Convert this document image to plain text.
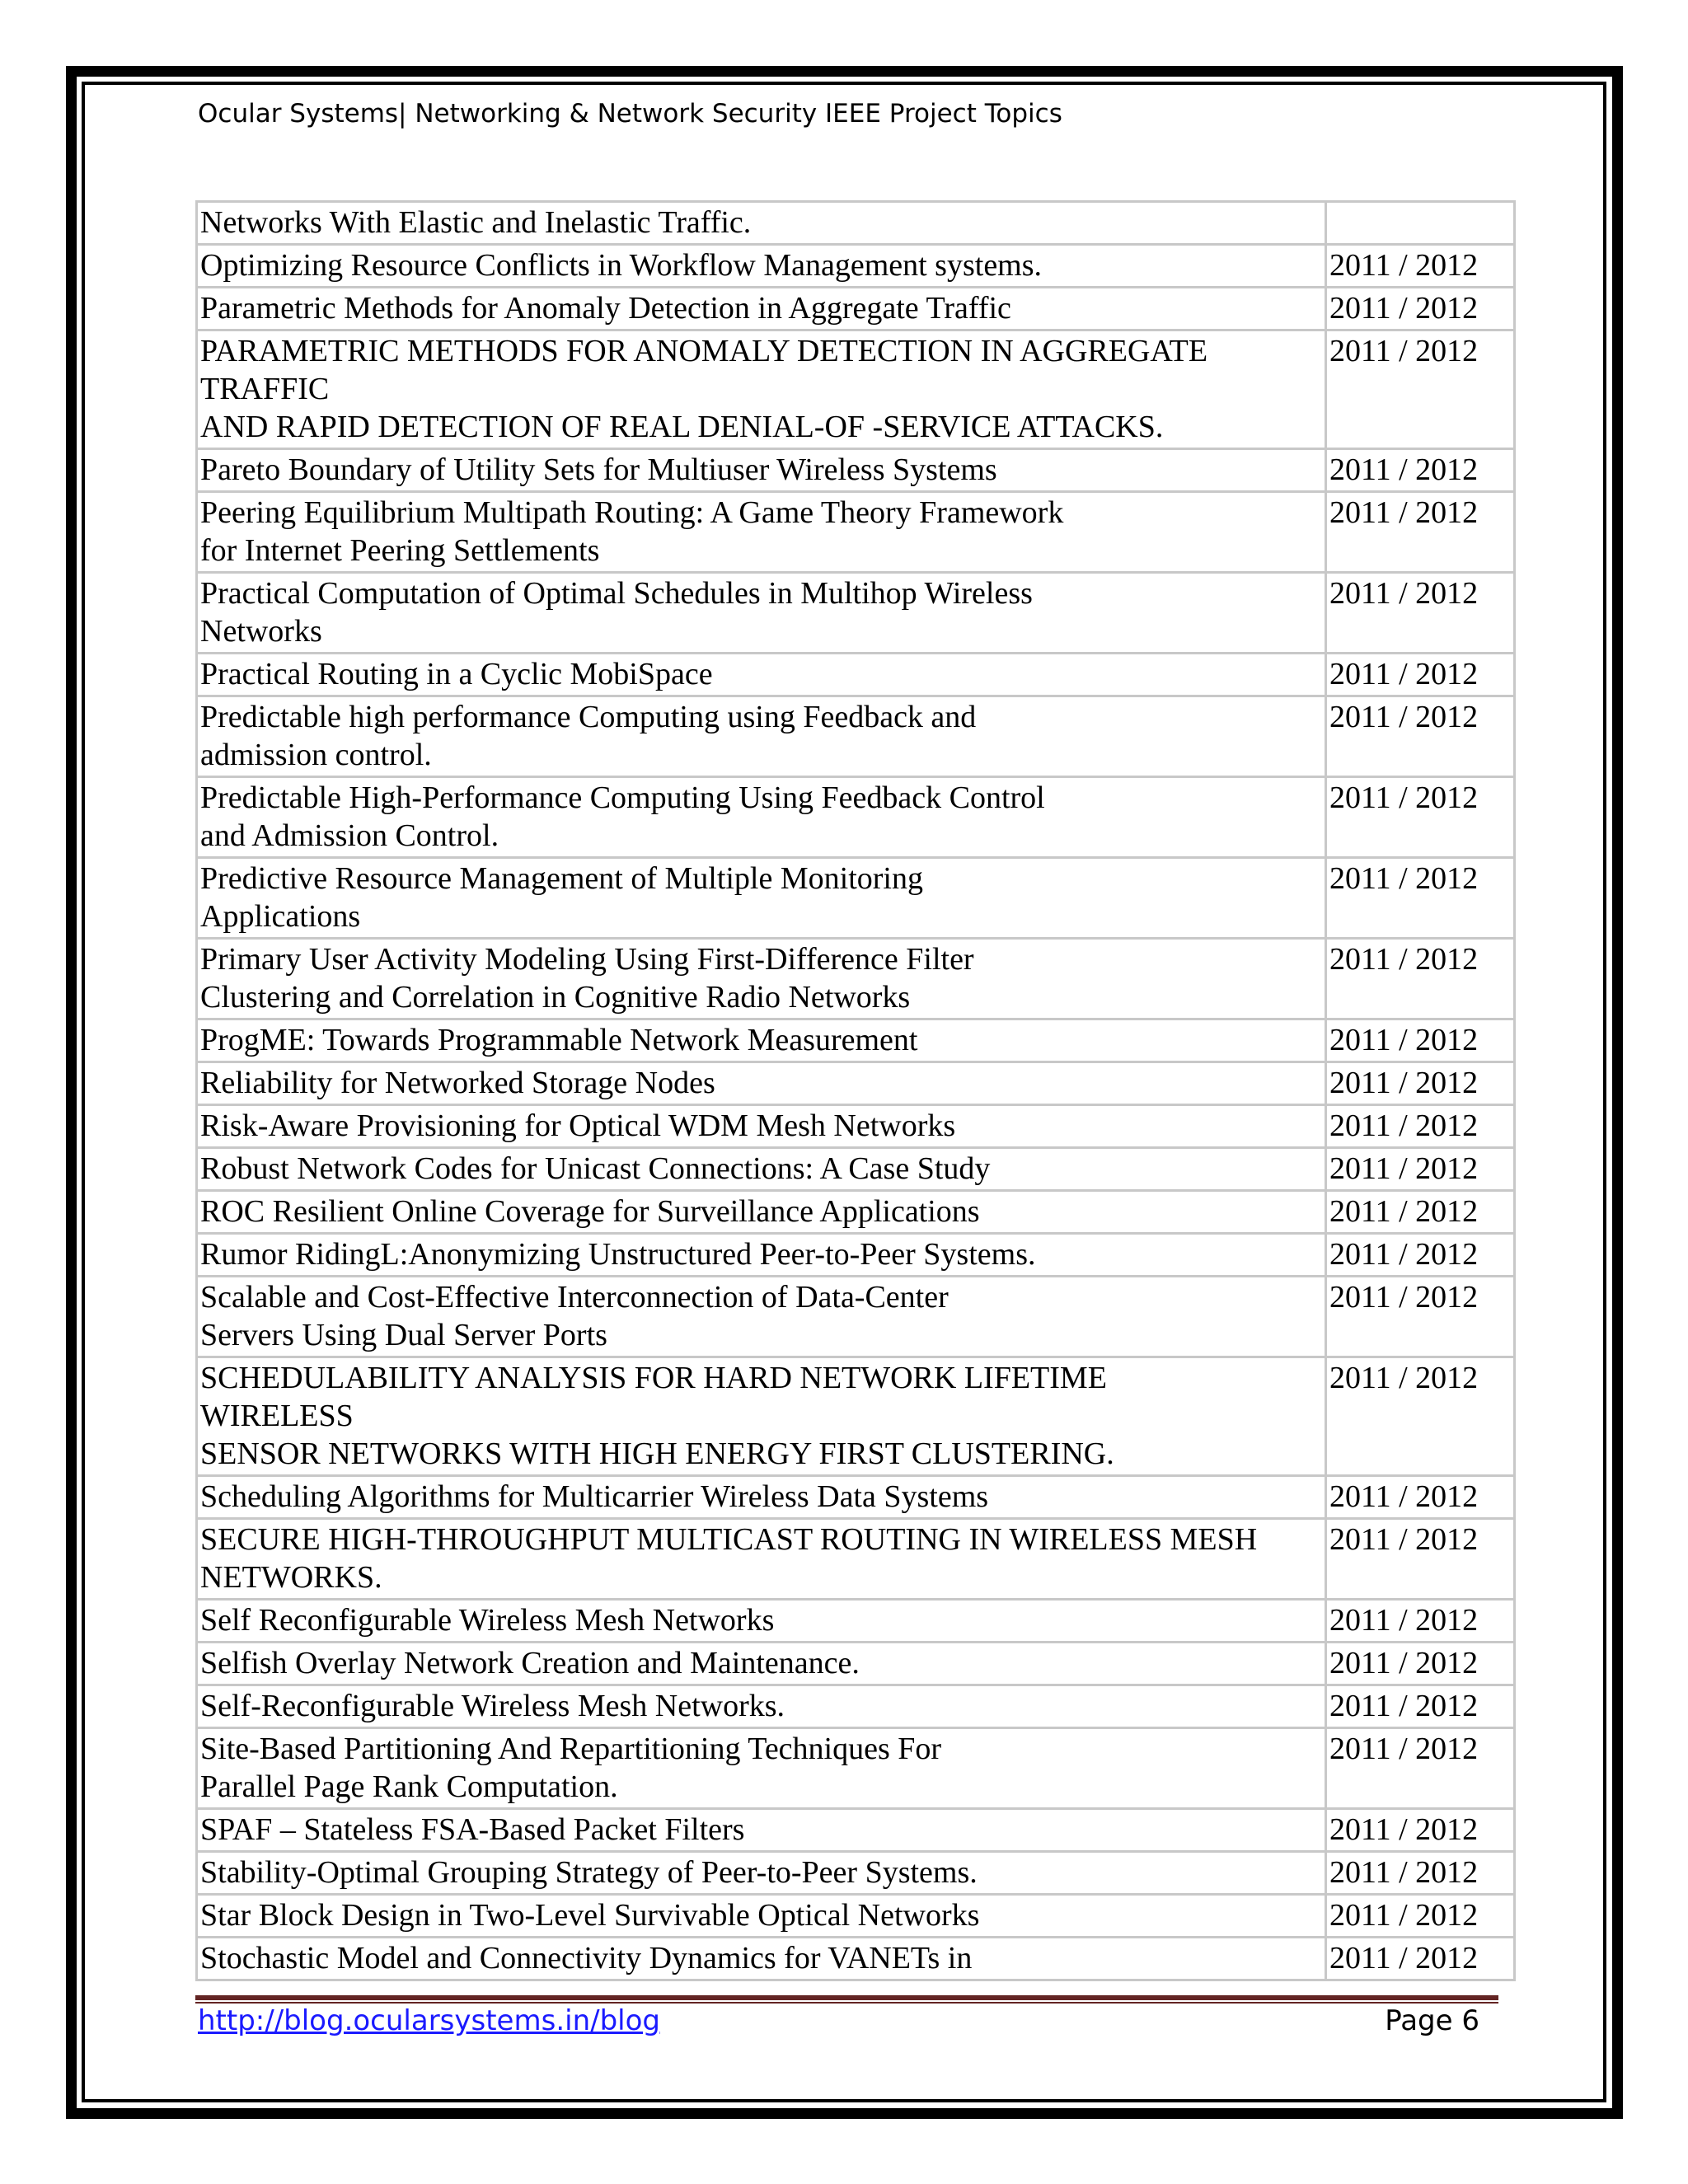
Ocular Systems| Networking & Network Security IEEE Project Topics
Networks With Elastic and Inelastic Traffic.	
Optimizing Resource Conflicts in Workflow Management systems.	2011 / 2012
Parametric Methods for Anomaly Detection in Aggregate Traffic	2011 / 2012
PARAMETRIC METHODS FOR ANOMALY DETECTION IN AGGREGATE
TRAFFIC
AND RAPID DETECTION OF REAL DENIAL-OF -SERVICE ATTACKS.	2011 / 2012
Pareto Boundary of Utility Sets for Multiuser Wireless Systems	2011 / 2012
Peering Equilibrium Multipath Routing: A Game Theory Framework
for Internet Peering Settlements	2011 / 2012
Practical Computation of Optimal Schedules in Multihop Wireless
Networks	2011 / 2012
Practical Routing in a Cyclic MobiSpace	2011 / 2012
Predictable high performance Computing using Feedback and
admission control.	2011 / 2012
Predictable High-Performance Computing Using Feedback Control
and Admission Control.	2011 / 2012
Predictive Resource Management of Multiple Monitoring
Applications	2011 / 2012
Primary User Activity Modeling Using First-Difference Filter
Clustering and Correlation in Cognitive Radio Networks	2011 / 2012
ProgME: Towards Programmable Network Measurement	2011 / 2012
Reliability for Networked Storage Nodes	2011 / 2012
Risk-Aware Provisioning for Optical WDM Mesh Networks	2011 / 2012
Robust Network Codes for Unicast Connections: A Case Study	2011 / 2012
ROC Resilient Online Coverage for Surveillance Applications	2011 / 2012
Rumor RidingL:Anonymizing Unstructured Peer-to-Peer Systems.	2011 / 2012
Scalable and Cost-Effective Interconnection of Data-Center
Servers Using Dual Server Ports	2011 / 2012
SCHEDULABILITY ANALYSIS FOR HARD NETWORK LIFETIME
WIRELESS
SENSOR NETWORKS WITH HIGH ENERGY FIRST CLUSTERING.	2011 / 2012
Scheduling Algorithms for Multicarrier Wireless Data Systems	2011 / 2012
SECURE HIGH-THROUGHPUT MULTICAST ROUTING IN WIRELESS MESH
NETWORKS.	2011 / 2012
Self Reconfigurable Wireless Mesh Networks	2011 / 2012
Selfish Overlay Network Creation and Maintenance.	2011 / 2012
Self-Reconfigurable Wireless Mesh Networks.	2011 / 2012
Site-Based Partitioning And Repartitioning Techniques For
Parallel Page Rank Computation.	2011 / 2012
SPAF – Stateless FSA-Based Packet Filters	2011 / 2012
Stability-Optimal Grouping Strategy of Peer-to-Peer Systems.	2011 / 2012
Star Block Design in Two-Level Survivable Optical Networks	2011 / 2012
Stochastic Model and Connectivity Dynamics for VANETs in	2011 / 2012
http://blog.ocularsystems.in/blog	Page 6
